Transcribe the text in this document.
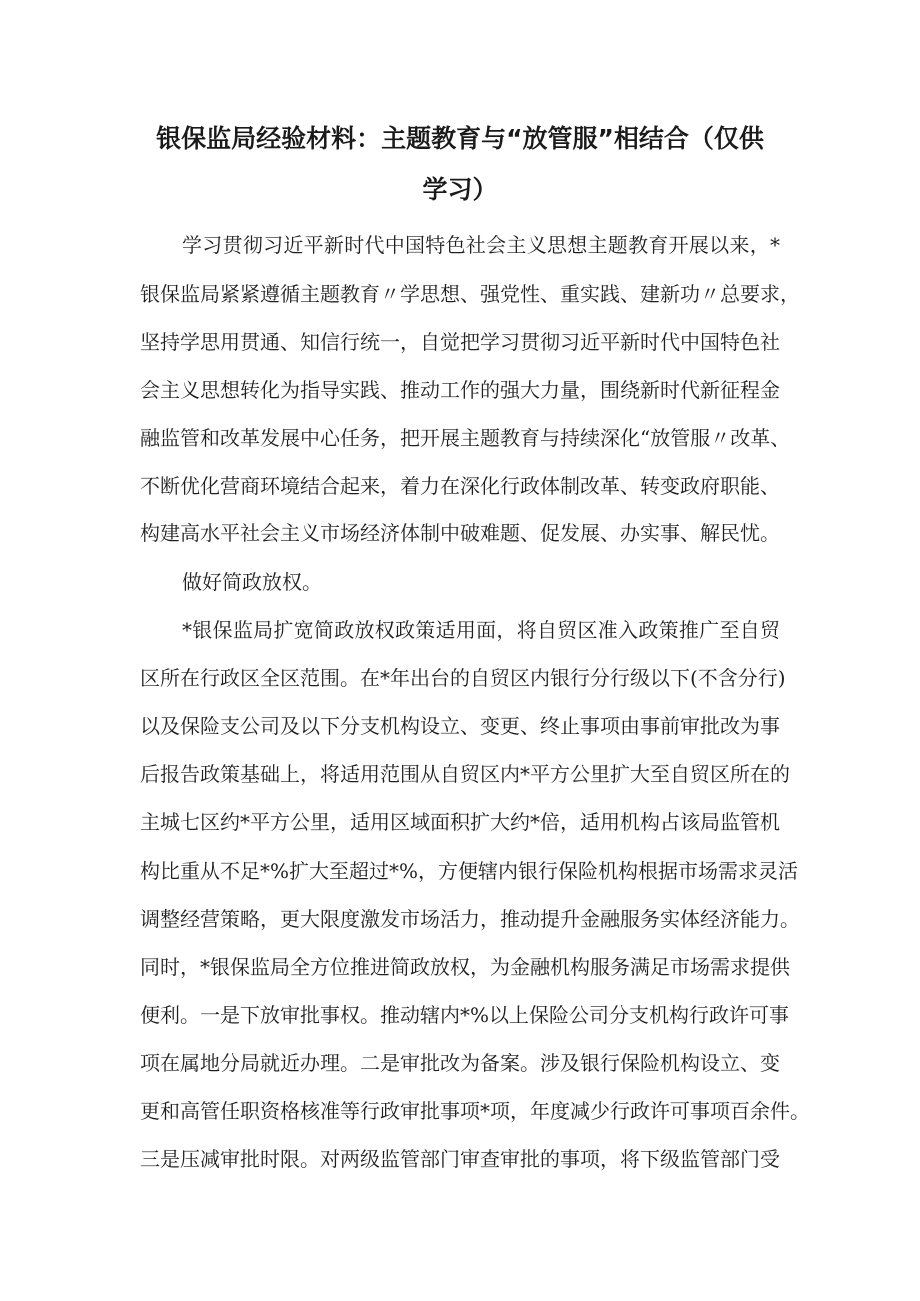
银保监局经验材料：主题教育与“放管服”相结合（仅供
学习）

学习贯彻习近平新时代中国特色社会主义思想主题教育开展以来，*

银保监局紧紧遵循主题教育〃学思想、强党性、重实践、建新功〃总要求，

坚持学思用贯通、知信行统一，自觉把学习贯彻习近平新时代中国特色社

会主义思想转化为指导实践、推动工作的强大力量，围绕新时代新征程金

融监管和改革发展中心任务，把开展主题教育与持续深化“放管服〃改革、

不断优化营商环境结合起来，着力在深化行政体制改革、转变政府职能、

构建高水平社会主义市场经济体制中破难题、促发展、办实事、解民忧。

做好简政放权。

*银保监局扩宽简政放权政策适用面，将自贸区准入政策推广至自贸

区所在行政区全区范围。在*年出台的自贸区内银行分行级以下(不含分行)

以及保险支公司及以下分支机构设立、变更、终止事项由事前审批改为事

后报告政策基础上，将适用范围从自贸区内*平方公里扩大至自贸区所在的

主城七区约*平方公里，适用区域面积扩大约*倍，适用机构占该局监管机

构比重从不足*%扩大至超过*%，方便辖内银行保险机构根据市场需求灵活

调整经营策略，更大限度激发市场活力，推动提升金融服务实体经济能力。

同时，*银保监局全方位推进简政放权，为金融机构服务满足市场需求提供

便利。一是下放审批事权。推动辖内*%以上保险公司分支机构行政许可事

项在属地分局就近办理。二是审批改为备案。涉及银行保险机构设立、变

更和高管任职资格核准等行政审批事项*项，年度减少行政许可事项百余件。

三是压减审批时限。对两级监管部门审查审批的事项，将下级监管部门受
